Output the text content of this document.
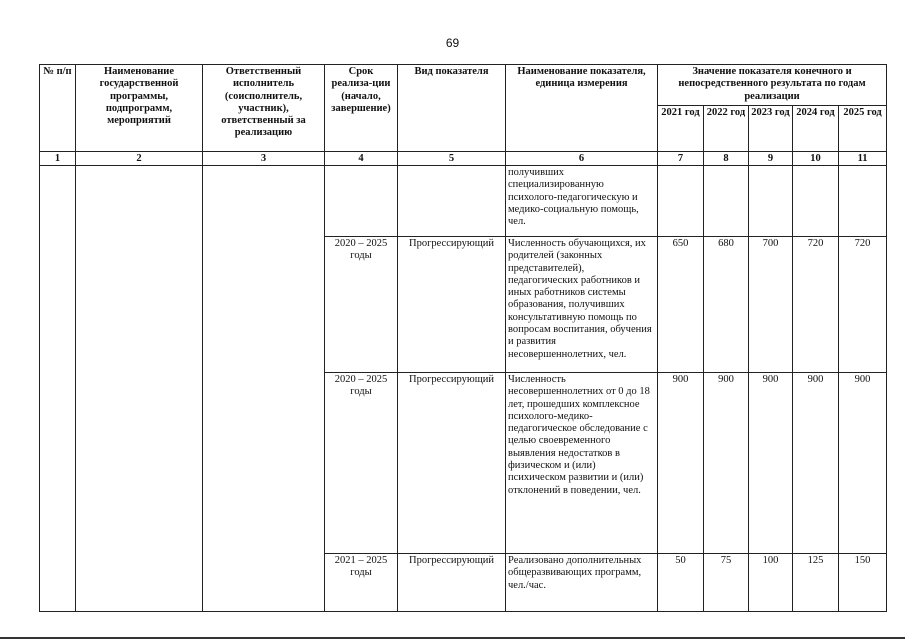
69
№ п/п	Наименование государственной программы, подпрограмм, мероприятий	Ответственный исполнитель (соисполнитель, участник), ответственный за реализацию	Срок реализа-ции (начало, завершение)	Вид показателя	Наименование показателя, единица измерения	Значение показателя конечного и непосредственного результата по годам реализации				
						2021 год	2022 год	2023 год	2024 год	2025 год
1	2	3	4	5	6	7	8	9	10	11
					получивших специализированную психолого-педагогическую и медико-социальную помощь, чел.					
			2020 – 2025 годы	Прогрессирующий	Численность обучающихся, их родителей (законных представителей), педагогических работников и иных работников системы образования, получивших консультативную помощь по вопросам воспитания, обучения и развития несовершеннолетних, чел.	650	680	700	720	720
			2020 – 2025 годы	Прогрессирующий	Численность несовершеннолетних от 0 до 18 лет, прошедших комплексное психолого-медико-педагогическое обследование с целью своевременного выявления недостатков в физическом и (или) психическом развитии и (или) отклонений в поведении, чел.	900	900	900	900	900
			2021 – 2025 годы	Прогрессирующий	Реализовано дополнительных общеразвивающих программ, чел./час.	50	75	100	125	150
